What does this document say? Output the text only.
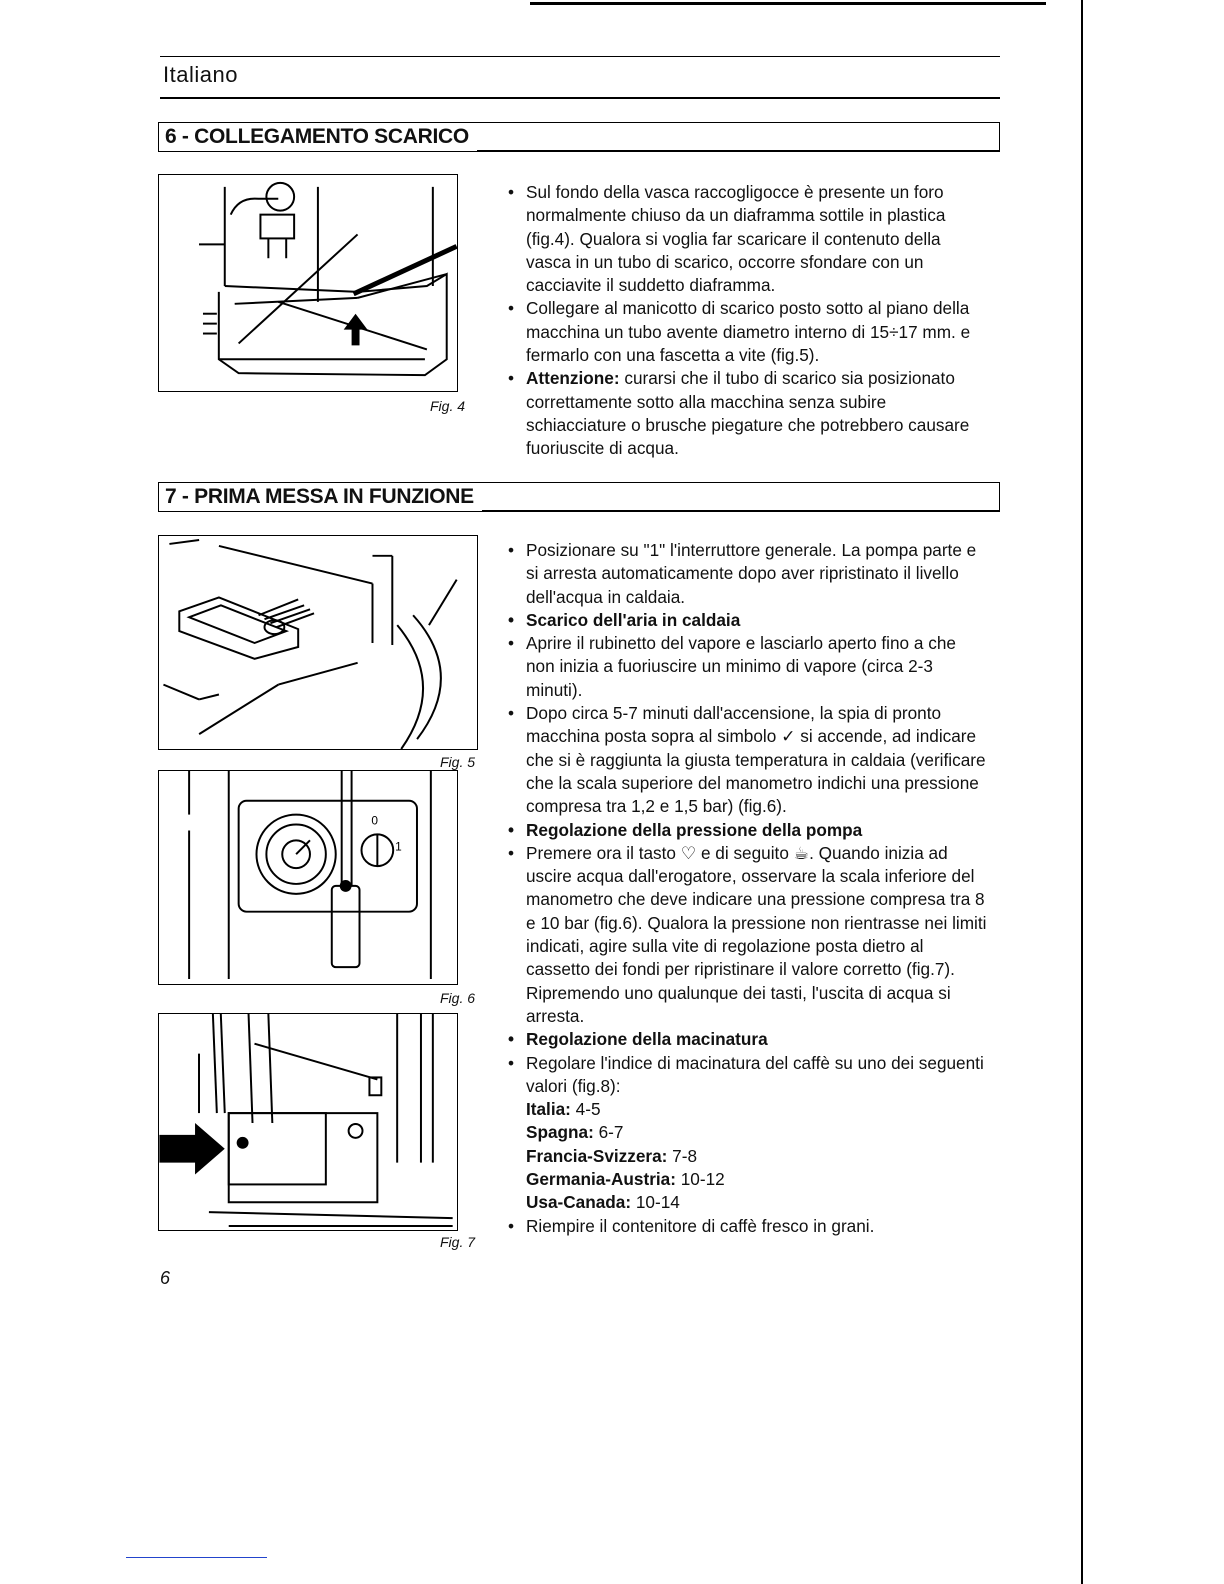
Italiano
6 - COLLEGAMENTO SCARICO
Fig. 4

• Sul fondo della vasca raccogligocce è presente un foro normalmente chiuso da un diaframma sottile in plastica (fig.4). Qualora si voglia far scaricare il contenuto della vasca in un tubo di scarico, occorre sfondare con un cacciavite il suddetto diaframma.

• Collegare al manicotto di scarico posto sotto al piano della macchina un tubo avente diametro interno di 15÷17 mm. e fermarlo con una fascetta a vite (fig.5).

• Attenzione: curarsi che il tubo di scarico sia posizionato correttamente sotto alla macchina senza subire schiacciature o brusche piegature che potrebbero causare fuoriuscite di acqua.

7 - PRIMA MESSA IN FUNZIONE
Fig. 5
0
1
Fig. 6
Fig. 7

• Posizionare su "1" l'interruttore generale. La pompa parte e si arresta automaticamente dopo aver ripristinato il livello dell'acqua in caldaia.

• Scarico dell'aria in caldaia

• Aprire il rubinetto del vapore e lasciarlo aperto fino a che non inizia a fuoriuscire un minimo di vapore (circa 2-3 minuti).

• Dopo circa 5-7 minuti dall'accensione, la spia di pronto macchina posta sopra al simbolo ✓ si accende, ad indicare che si è raggiunta la giusta temperatura in caldaia (verificare che la scala superiore del manometro indichi una pressione compresa tra 1,2 e 1,5 bar) (fig.6).

• Regolazione della pressione della pompa

• Premere ora il tasto ♡ e di seguito ☕. Quando inizia ad uscire acqua dall'erogatore, osservare la scala inferiore del manometro che deve indicare una pressione compresa tra 8 e 10 bar (fig.6). Qualora la pressione non rientrasse nei limiti indicati, agire sulla vite di regolazione posta dietro al cassetto dei fondi per ripristinare il valore corretto (fig.7). Ripremendo uno qualunque dei tasti, l'uscita di acqua si arresta.

• Regolazione della macinatura

• Regolare l'indice di macinatura del caffè su uno dei seguenti valori (fig.8):

Italia: 4-5

Spagna: 6-7

Francia-Svizzera: 7-8

Germania-Austria: 10-12

Usa-Canada: 10-14

• Riempire il contenitore di caffè fresco in grani.

6
